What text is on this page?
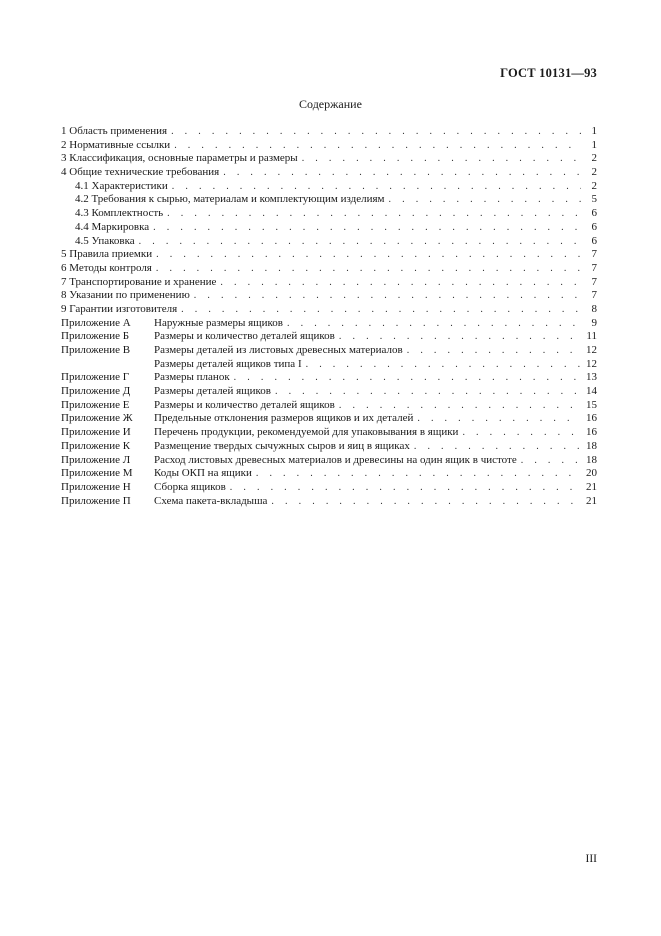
ГОСТ 10131—93
Содержание
1 Область применения . . .	1
2 Нормативные ссылки . . .	1
3 Классификация, основные параметры и размеры . . .	2
4 Общие технические требования . . .	2
4.1 Характеристики . . .	2
4.2 Требования к сырью, материалам и комплектующим изделиям . . .	5
4.3 Комплектность . . .	6
4.4 Маркировка . . .	6
4.5 Упаковка . . .	6
5 Правила приемки . . .	7
6 Методы контроля . . .	7
7 Транспортирование и хранение . . .	7
8 Указании по применению . . .	7
9 Гарантии изготовителя . . .	8
Приложение А Наружные размеры ящиков . . .	9
Приложение Б Размеры и количество деталей ящиков . . .	11
Приложение В Размеры деталей из листовых древесных материалов . . .	12
Размеры деталей ящиков типа I . . .	12
Приложение Г Размеры планок . . .	13
Приложение Д Размеры деталей ящиков . . .	14
Приложение Е Размеры и количество деталей ящиков . . .	15
Приложение Ж Предельные отклонения размеров ящиков и их деталей . . .	16
Приложение И Перечень продукции, рекомендуемой для упаковывания в ящики . . .	16
Приложение К Размещение твердых сычужных сыров и яиц в ящиках . . .	18
Приложение Л Расход листовых древесных материалов и древесины на один ящик в чистоте . . .	18
Приложение М Коды ОКП на ящики . . .	20
Приложение Н Сборка ящиков . . .	21
Приложение П Схема пакета-вкладыша . . .	21
III
